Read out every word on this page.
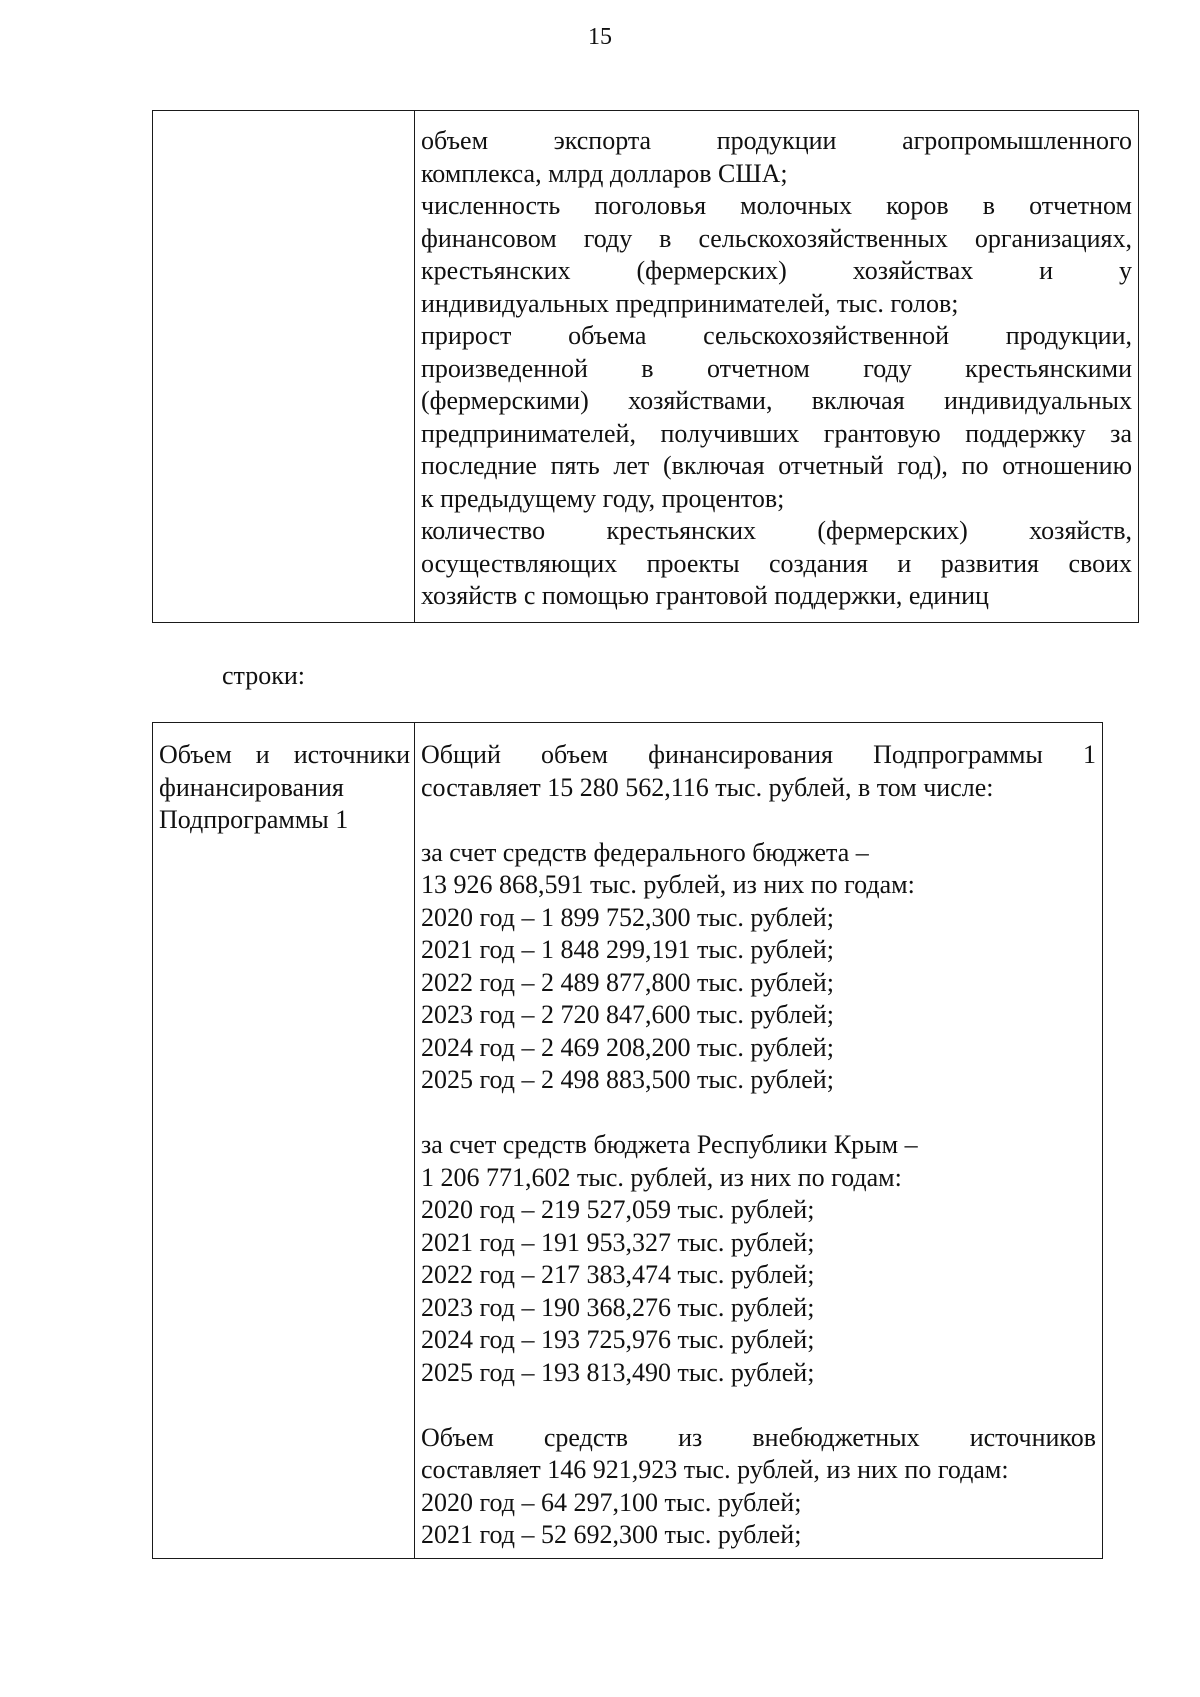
15
объем экспорта продукции агропромышленного
комплекса, млрд долларов США;
численность поголовья молочных коров в отчетном
финансовом году в сельскохозяйственных организациях,
крестьянских (фермерских) хозяйствах и у
индивидуальных предпринимателей, тыс. голов;
прирост объема сельскохозяйственной продукции,
произведенной в отчетном году крестьянскими
(фермерскими) хозяйствами, включая индивидуальных
предпринимателей, получивших грантовую поддержку за
последние пять лет (включая отчетный год), по отношению
к предыдущему году, процентов;
количество крестьянских (фермерских) хозяйств,
осуществляющих проекты создания и развития своих
хозяйств с помощью грантовой поддержки, единиц
строки:
Объем и источники
финансирования
Подпрограммы 1
Общий объем финансирования Подпрограммы 1
составляет 15 280 562,116 тыс. рублей, в том числе:
за счет средств федерального бюджета –
13 926 868,591 тыс. рублей, из них по годам:
2020 год – 1 899 752,300 тыс. рублей;
2021 год – 1 848 299,191 тыс. рублей;
2022 год – 2 489 877,800 тыс. рублей;
2023 год – 2 720 847,600 тыс. рублей;
2024 год – 2 469 208,200 тыс. рублей;
2025 год – 2 498 883,500 тыс. рублей;
за счет средств бюджета Республики Крым –
1 206 771,602 тыс. рублей, из них по годам:
2020 год – 219 527,059 тыс. рублей;
2021 год – 191 953,327 тыс. рублей;
2022 год – 217 383,474 тыс. рублей;
2023 год – 190 368,276 тыс. рублей;
2024 год – 193 725,976 тыс. рублей;
2025 год – 193 813,490 тыс. рублей;
Объем средств из внебюджетных источников
составляет 146 921,923 тыс. рублей, из них по годам:
2020 год – 64 297,100 тыс. рублей;
2021 год – 52 692,300 тыс. рублей;
